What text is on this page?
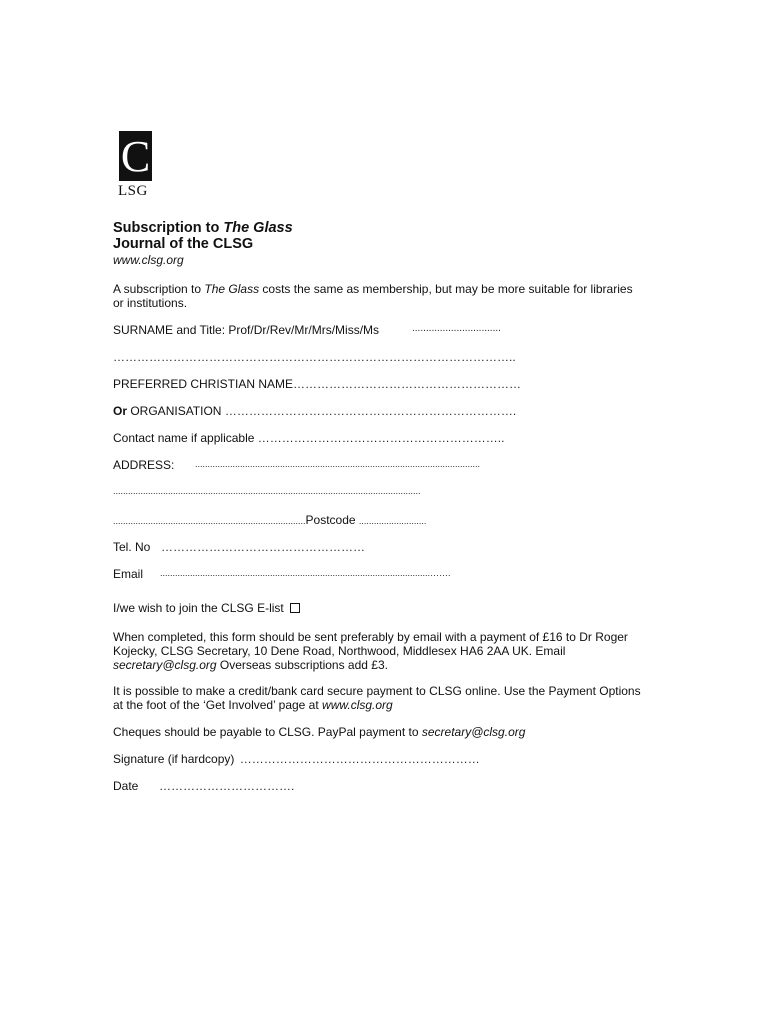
C
LSG
Subscription to The Glass
Journal of the CLSG
www.clsg.org
A subscription to The Glass costs the same as membership, but may be more suitable for libraries or institutions.
SURNAME and Title: Prof/Dr/Rev/Mr/Mrs/Miss/Ms	................................
………………………………………………………………………………………..
PREFERRED CHRISTIAN NAME…………………………………………………
Or ORGANISATION ……………………………………………………………….
Contact name if applicable ……………………………………………………..
ADDRESS: ..................................................................................................................
...........................................................................................................................
.............................................................................Postcode ...........................
Tel. No ……………………………………………
Email ............................................................................................................…….
I/we wish to join the CLSG E-list
When completed, this form should be sent preferably by email with a payment of £16 to Dr Roger Kojecky, CLSG Secretary, 10 Dene Road, Northwood, Middlesex HA6 2AA UK. Email secretary@clsg.org Overseas subscriptions add £3.
It is possible to make a credit/bank card secure payment to CLSG online. Use the Payment Options at the foot of the ‘Get Involved’ page at www.clsg.org
Cheques should be payable to CLSG. PayPal payment to secretary@clsg.org
Signature (if hardcopy) ……………………………………………………
Date …………………………….
